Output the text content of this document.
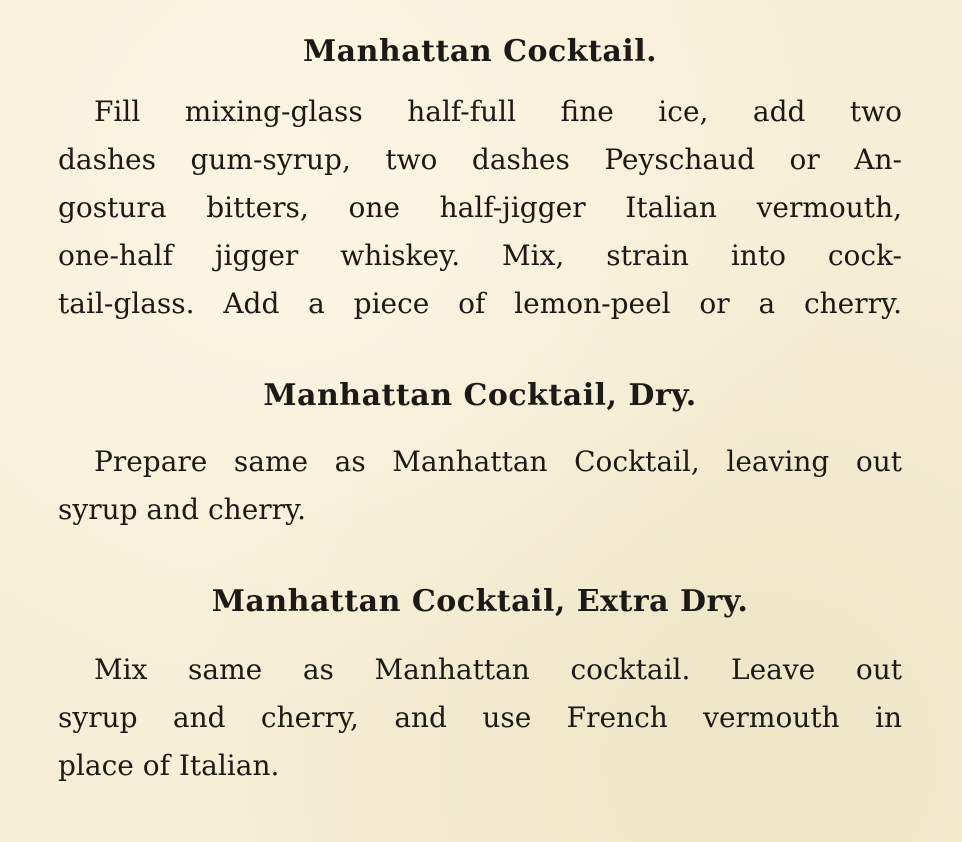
Manhattan Cocktail.

Fill mixing-glass half-full fine ice, add two
dashes gum-syrup, two dashes Peyschaud or An-
gostura bitters, one half-jigger Italian vermouth,
one-half jigger whiskey. Mix, strain into cock-
tail-glass. Add a piece of lemon-peel or a cherry.

Manhattan Cocktail, Dry.

Prepare same as Manhattan Cocktail, leaving out
syrup and cherry.

Manhattan Cocktail, Extra Dry.

Mix same as Manhattan cocktail. Leave out
syrup and cherry, and use French vermouth in
place of Italian.
